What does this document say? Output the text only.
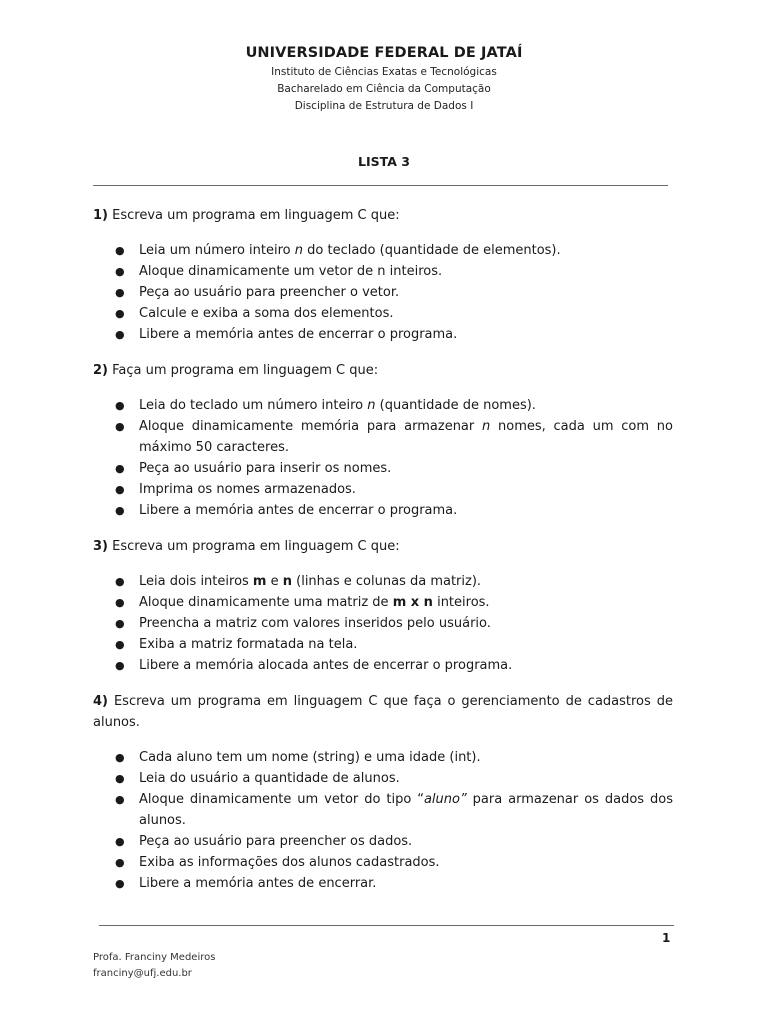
UNIVERSIDADE FEDERAL DE JATAÍ
Instituto de Ciências Exatas e Tecnológicas
Bacharelado em Ciência da Computação
Disciplina de Estrutura de Dados I
LISTA 3
1) Escreva um programa em linguagem C que:
● Leia um número inteiro n do teclado (quantidade de elementos).
● Aloque dinamicamente um vetor de n inteiros.
● Peça ao usuário para preencher o vetor.
● Calcule e exiba a soma dos elementos.
● Libere a memória antes de encerrar o programa.
2) Faça um programa em linguagem C que:
● Leia do teclado um número inteiro n (quantidade de nomes).
● Aloque dinamicamente memória para armazenar n nomes, cada um com no máximo 50 caracteres.
● Peça ao usuário para inserir os nomes.
● Imprima os nomes armazenados.
● Libere a memória antes de encerrar o programa.
3) Escreva um programa em linguagem C que:
● Leia dois inteiros m e n (linhas e colunas da matriz).
● Aloque dinamicamente uma matriz de m x n inteiros.
● Preencha a matriz com valores inseridos pelo usuário.
● Exiba a matriz formatada na tela.
● Libere a memória alocada antes de encerrar o programa.
4) Escreva um programa em linguagem C que faça o gerenciamento de cadastros de alunos.
● Cada aluno tem um nome (string) e uma idade (int).
● Leia do usuário a quantidade de alunos.
● Aloque dinamicamente um vetor do tipo “aluno” para armazenar os dados dos alunos.
● Peça ao usuário para preencher os dados.
● Exiba as informações dos alunos cadastrados.
● Libere a memória antes de encerrar.
1
Profa. Franciny Medeiros
franciny@ufj.edu.br
